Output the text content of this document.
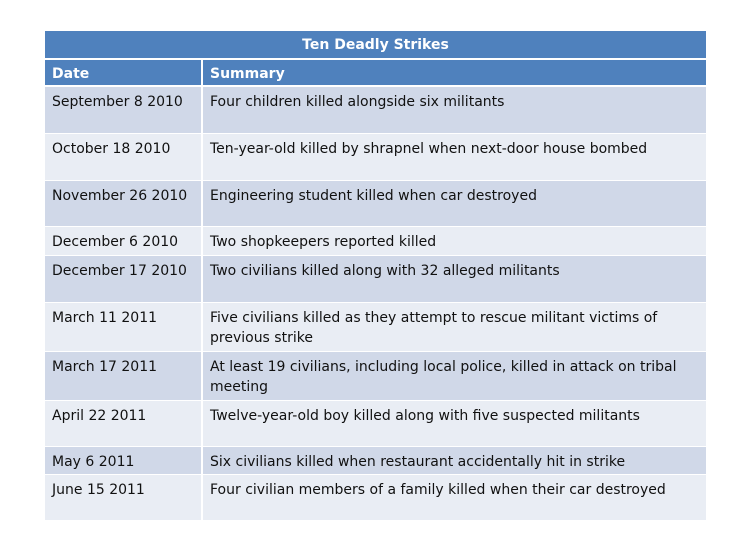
Ten Deadly Strikes
Date	Summary
September 8 2010	Four children killed alongside six militants
October 18 2010	Ten-year-old killed by shrapnel when next-door house bombed
November 26 2010	Engineering student killed when car destroyed
December 6 2010	Two shopkeepers reported killed
December 17 2010	Two civilians killed along with 32 alleged militants
March 11 2011	Five civilians killed as they attempt to rescue militant victims of previous strike
March 17 2011	At least 19 civilians, including local police, killed in attack on tribal meeting
April 22 2011	Twelve-year-old boy killed along with five suspected militants
May 6 2011	Six civilians killed when restaurant accidentally hit in strike
June 15 2011	Four civilian members of a family killed when their car destroyed
